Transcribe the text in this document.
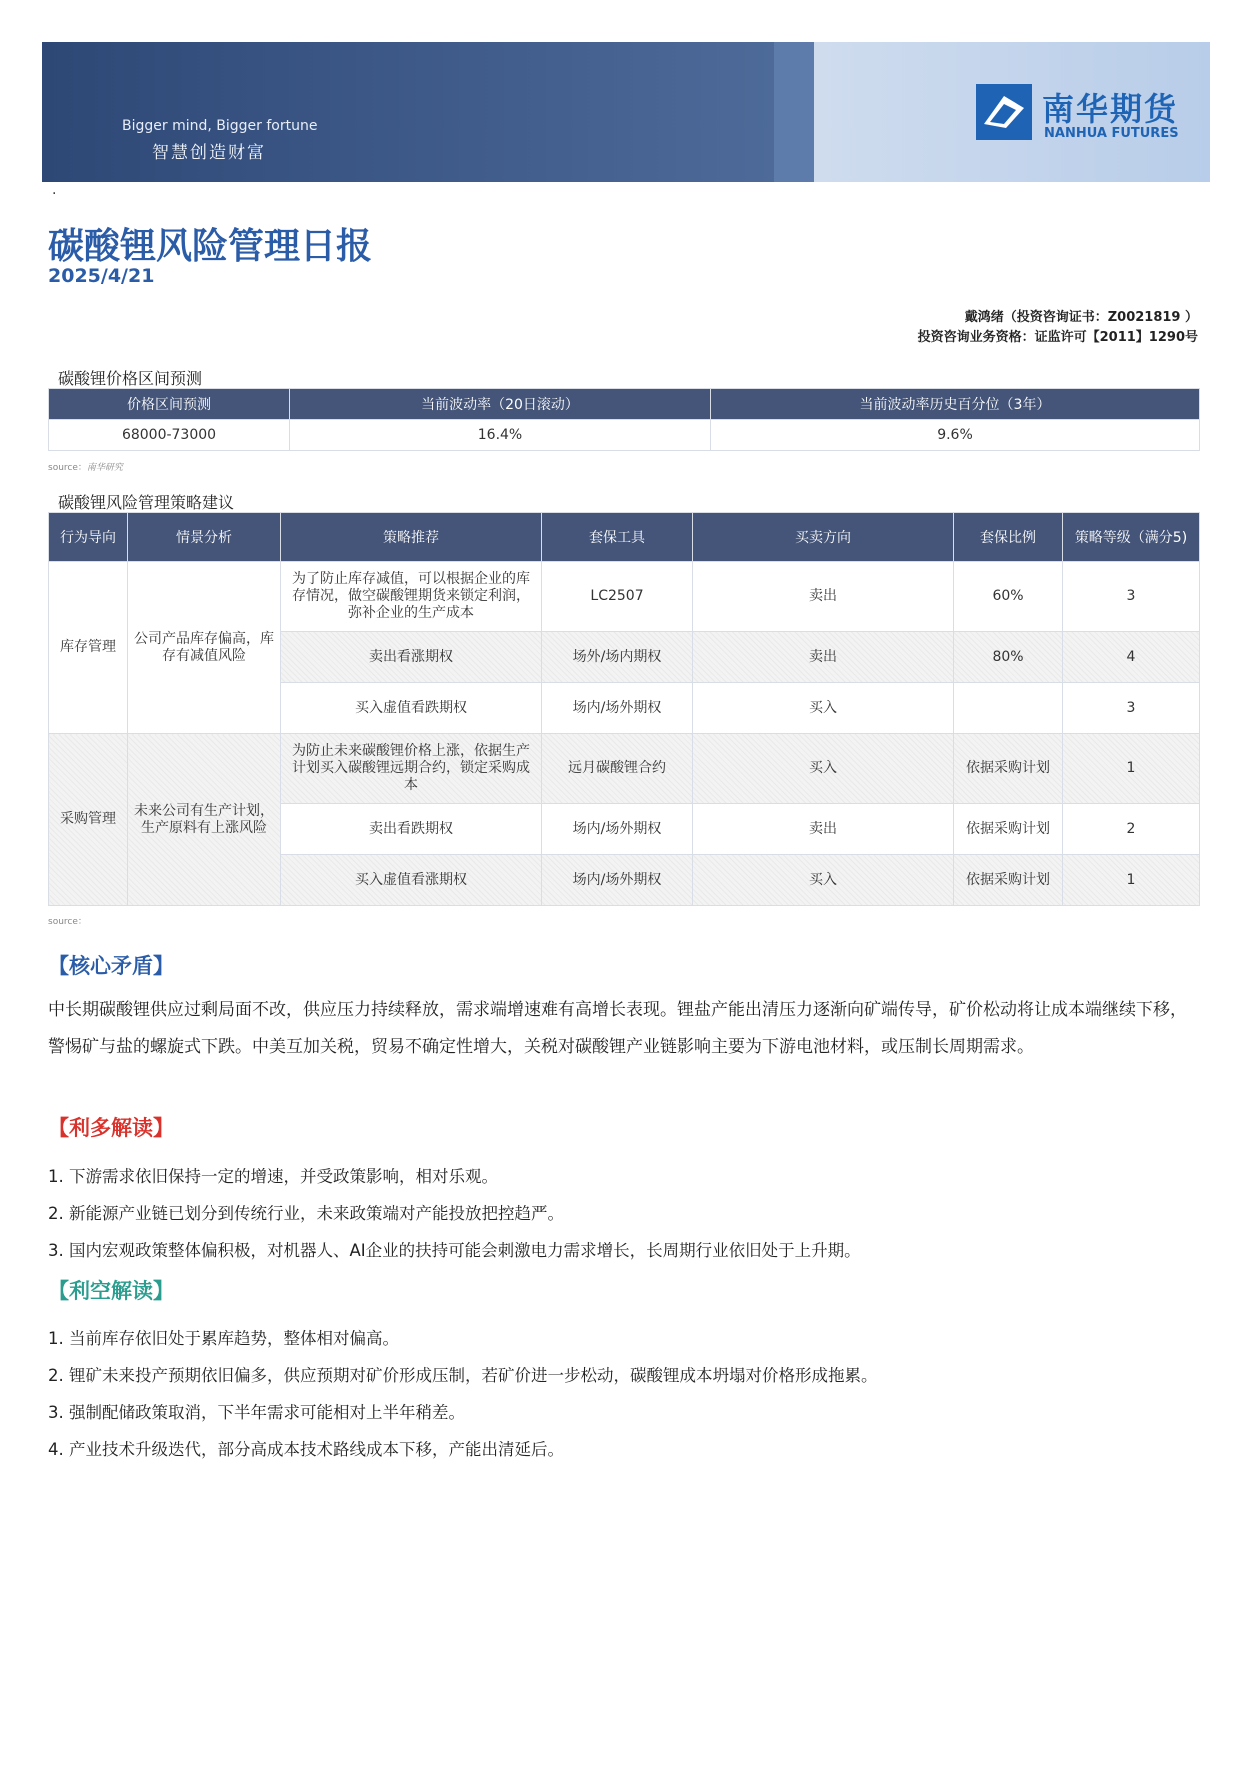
Bigger mind, Bigger fortune
智慧创造财富
南华期货
NANHUA FUTURES
·
碳酸锂风险管理日报
2025/4/21
戴鸿绪（投资咨询证书：Z0021819 ）
投资咨询业务资格：证监许可【2011】1290号
碳酸锂价格区间预测
价格区间预测	当前波动率（20日滚动）	当前波动率历史百分位（3年）
68000-73000	16.4%	9.6%
source：南华研究
碳酸锂风险管理策略建议
行为导向	情景分析	策略推荐	套保工具	买卖方向	套保比例	策略等级（满分5)
库存管理	公司产品库存偏高，库存有减值风险	为了防止库存减值，可以根据企业的库存情况，做空碳酸锂期货来锁定利润，弥补企业的生产成本	LC2507	卖出	60%	3
		卖出看涨期权	场外/场内期权	卖出	80%	4
		买入虚值看跌期权	场内/场外期权	买入		3
采购管理	未来公司有生产计划，生产原料有上涨风险	为防止未来碳酸锂价格上涨，依据生产计划买入碳酸锂远期合约，锁定采购成本	远月碳酸锂合约	买入	依据采购计划	1
		卖出看跌期权	场内/场外期权	卖出	依据采购计划	2
		买入虚值看涨期权	场内/场外期权	买入	依据采购计划	1
source：
【核心矛盾】
中长期碳酸锂供应过剩局面不改，供应压力持续释放，需求端增速难有高增长表现。锂盐产能出清压力逐渐向矿端传导，矿价松动将让成本端继续下移，警惕矿与盐的螺旋式下跌。中美互加关税，贸易不确定性增大，关税对碳酸锂产业链影响主要为下游电池材料，或压制长周期需求。
【利多解读】
1. 下游需求依旧保持一定的增速，并受政策影响，相对乐观。
2. 新能源产业链已划分到传统行业，未来政策端对产能投放把控趋严。
3. 国内宏观政策整体偏积极，对机器人、AI企业的扶持可能会刺激电力需求增长，长周期行业依旧处于上升期。
【利空解读】
1. 当前库存依旧处于累库趋势，整体相对偏高。
2. 锂矿未来投产预期依旧偏多，供应预期对矿价形成压制，若矿价进一步松动，碳酸锂成本坍塌对价格形成拖累。
3. 强制配储政策取消，下半年需求可能相对上半年稍差。
4. 产业技术升级迭代，部分高成本技术路线成本下移，产能出清延后。
